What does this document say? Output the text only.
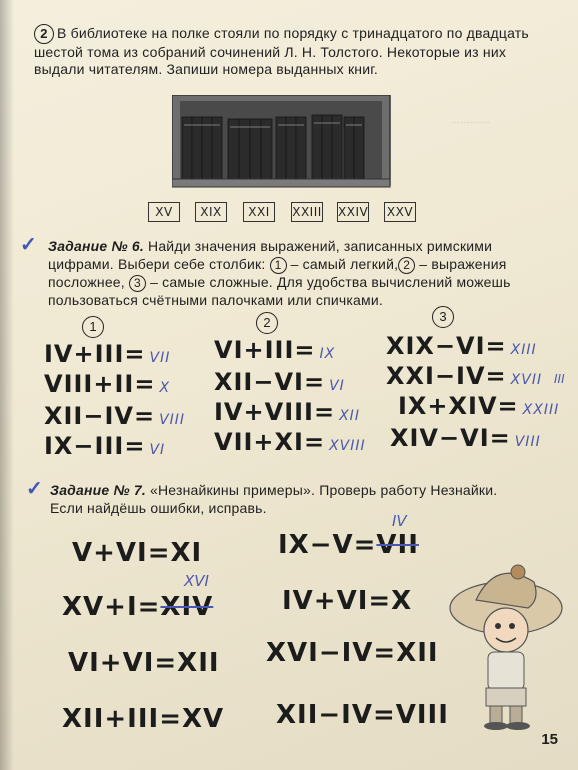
…………
2 В библиотеке на полке стояли по порядку с тринадцатого по двадцать шестой тома из собраний сочинений Л. Н. Толстого. Некоторые из них выдали читателям. Запиши номера выданных книг.
XV	XIX	XXI	XXIII XXIV XXV
✓ Задание № 6. Найди значения выражений, записанных римскими
цифрами. Выбери себе столбик: 1 – самый легкий, 2 – выражения
посложнее, 3 – самые сложные. Для удобства вычислений можешь
пользоваться счётными палочками или спичками.
1	2	3
IV+III= VII
VIII+II= X
XII−IV= VIII
IX−III= VI
VI+III= IX
XII−VI= VI
IV+VIII= XII
VII+XI= XVIII
XIX−VI= XIII
XXI−IV= XVII III
IX+XIV= XXIII
XIV−VI= VIII
✓ Задание № 7. «Незнайкины примеры». Проверь работу Незнайки.
Если найдёшь ошибки, исправь.
V+VI=XI
XVI
XV+I=XIV
VI+VI=XII
XII+III=XV
IV
IX−V=VII
IV+VI=X
XVI−IV=XII
XII−IV=VIII
15
